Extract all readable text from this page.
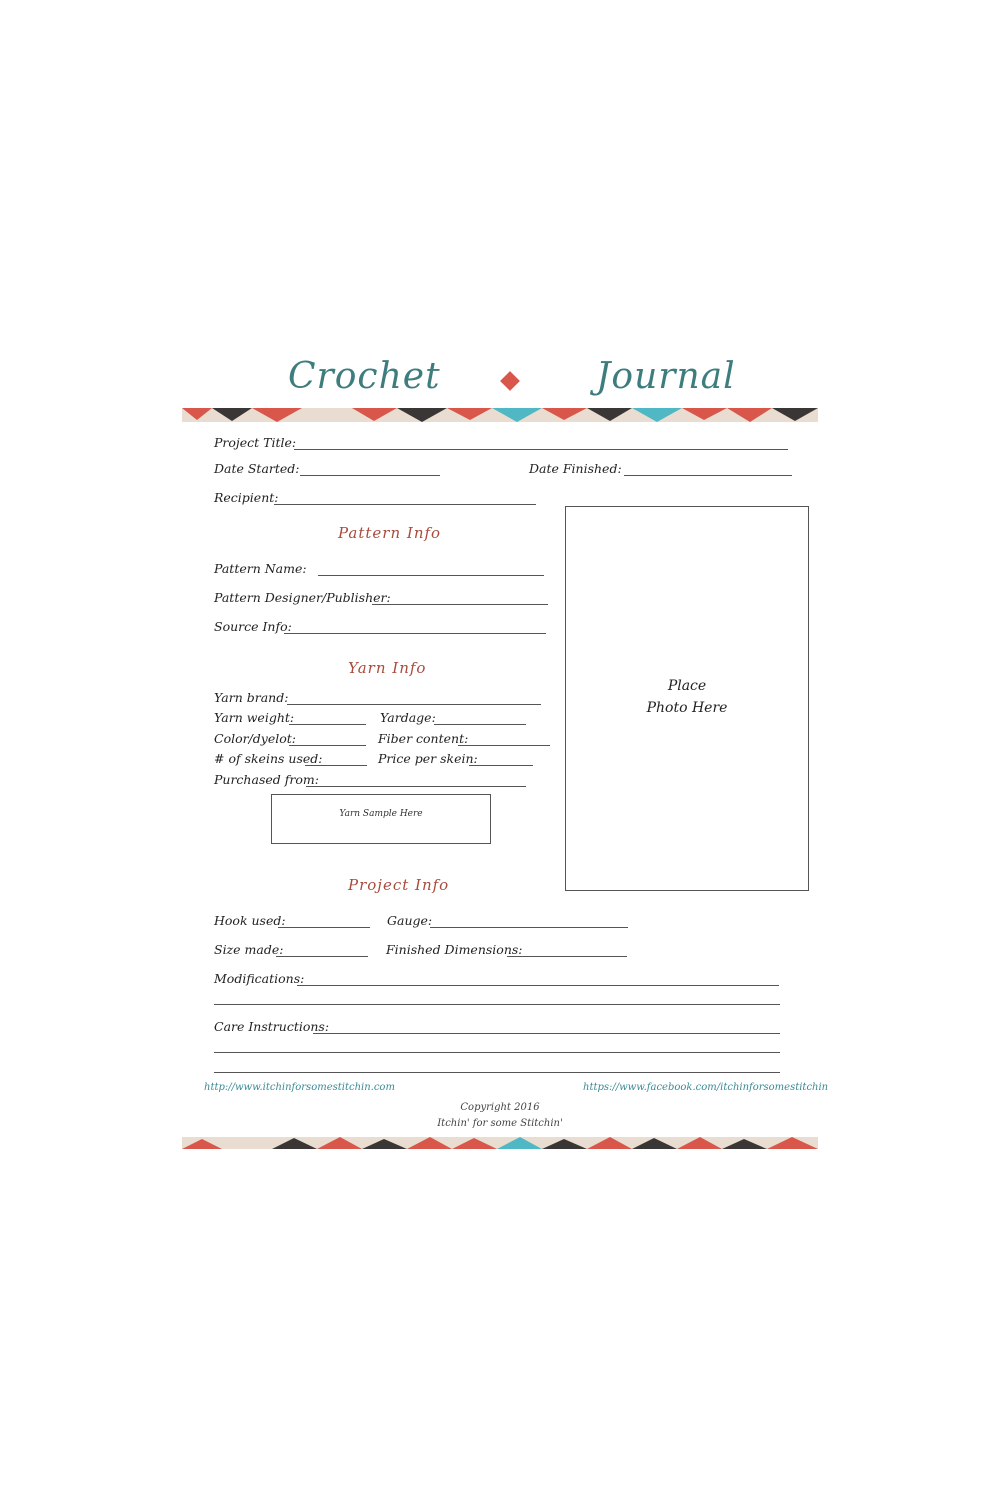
Crochet	Journal
Project Title:
Date Started:	Date Finished:
Recipient:
Pattern Info
Pattern Name:
Pattern Designer/Publisher:
Source Info:
Yarn Info
Yarn brand:
Yarn weight:	Yardage:
Color/dyelot:	Fiber content:
# of skeins used:	Price per skein:
Purchased from:
Yarn Sample Here
Place
Photo Here
Project Info
Hook used:	Gauge:
Size made:	Finished Dimensions:
Modifications:
Care Instructions:
http://www.itchinforsomestitchin.com	https://www.facebook.com/itchinforsomestitchin
Copyright 2016
Itchin' for some Stitchin'
